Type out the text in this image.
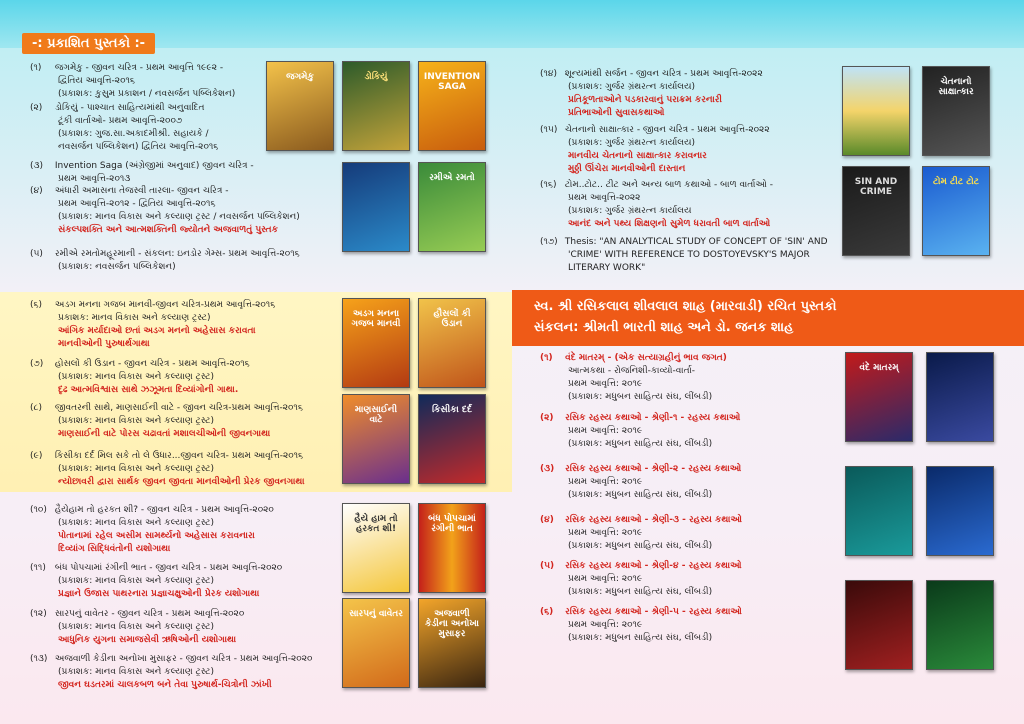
-: પ્રકાશિત પુસ્તકો :-
સ્વ. શ્રી રસિકલાલ શીવલાલ શાહ (મારવાડી) રચિત પુસ્તકો
સંકલન: શ્રીમતી ભારતી શાહ અને ડો. જનક શાહ
(૧) જગમેકુ - જીવન ચરિત્ર - પ્રથમ આવૃત્તિ ૧૯૯૨ -
દ્વિતિય આવૃત્તિ-૨૦૧૬
(પ્રકાશક: કુસુમ પ્રકાશન / નવસર્જન પબ્લિકેશન)
(૨) ડોકિયું - પાશ્ચાત સાહિત્યમાંથી અનુવાદિત
ટૂંકી વાર્તાઓ- પ્રથમ આવૃત્તિ-૨૦૦૭
(પ્રકાશક: ગુજ.સા.અકાદમીશ્રી. સહાયકે /
નવસર્જન પબ્લિકેશન) દ્વિતિય આવૃત્તિ-૨૦૧૬
(૩) Invention Saga (અંગ્રેજીમાં અનુવાદ) જીવન ચરિત્ર -
પ્રથમ આવૃત્તિ-૨૦૧૩
(૪) અંધારી અમાસના તેજસ્વી તારલા- જીવન ચરિત્ર -
પ્રથમ આવૃત્તિ-૨૦૧૨ - દ્વિતિય આવૃત્તિ-૨૦૧૬
(પ્રકાશક: માનવ વિકાસ અને કલ્યાણ ટ્રસ્ટ / નવસર્જન પબ્લિકેશન)
સંકલ્પશક્તિ અને આત્મશક્તિની જ્યોતને અજવાળતું પુસ્તક
(૫) રમીએ રમતોમહૂરમાની - સંકલન: ઇનડોર ગેમ્સ- પ્રથમ આવૃત્તિ-૨૦૧૬
(પ્રકાશક: નવસર્જન પબ્લિકેશન)
(૬) અડગ મનના ગજબ માનવી-જીવન ચરિત્ર-પ્રથમ આવૃત્તિ-૨૦૧૬
પ્રકાશક: માનવ વિકાસ અને કલ્યાણ ટ્રસ્ટ)
આંગિક મર્યાદાઓ છતાં અડગ મનનો અહેસાસ કરાવતા
માનવીઓની પુરુષાર્થગાથા
(૭) હોસલોં કી ઉડાન - જીવન ચરિત્ર - પ્રથમ આવૃત્તિ-૨૦૧૬
(પ્રકાશક: માનવ વિકાસ અને કલ્યાણ ટ્રસ્ટ)
દૃઢ આત્મવિશ્વાસ સાથે ઝઝૂમતા દિવ્યાંગોની ગાથા.
(૮) જીવતરની સાથે, માણસાઈની વાટે - જીવન ચરિત્ર-પ્રથમ આવૃત્તિ-૨૦૧૬
(પ્રકાશક: માનવ વિકાસ અને કલ્યાણ ટ્રસ્ટ)
માણસાઈની વાટે પોરસ ચઢાવતાં મશાલચીઓની જીવનગાથા
(૯) કિસીકા દર્દ મિલ સકે તો લે ઉધાર...જીવન ચરિત્ર- પ્રથમ આવૃત્તિ-૨૦૧૬
(પ્રકાશક: માનવ વિકાસ અને કલ્યાણ ટ્રસ્ટ)
ન્યોછાવરી દ્વારા સાર્થક જીવન જીવતા માનવીઓની પ્રેરક જીવનગાથા
(૧૦) હૈયેહામ તો હરકત શી? - જીવન ચરિત્ર - પ્રથમ આવૃત્તિ-૨૦૨૦
(પ્રકાશક: માનવ વિકાસ અને કલ્યાણ ટ્રસ્ટ)
પોતાનામાં રહેલ અસીમ સામર્થ્યનો અહેસાસ કરાવનારા
દિવ્યાંગ સિદ્ધિવંતોની યશોગાથા
(૧૧) બંધ પોપચામાં રંગીની ભાત - જીવન ચરિત્ર - પ્રથમ આવૃત્તિ-૨૦૨૦
(પ્રકાશક: માનવ વિકાસ અને કલ્યાણ ટ્રસ્ટ)
પ્રજ્ઞાને ઉજાસ પાથરનારા પ્રજ્ઞાચક્ષુઓની પ્રેરક યશોગાથા
(૧૨) સારપનું વાવેતર - જીવન ચરિત્ર - પ્રથમ આવૃત્તિ-૨૦૨૦
(પ્રકાશક: માનવ વિકાસ અને કલ્યાણ ટ્રસ્ટ)
આધુનિક યુગના સમાજસેવી ઋષિઓની યશોગાથા
(૧૩) અજવાળી કેડીના અનોખા મુસાફર - જીવન ચરિત્ર - પ્રથમ આવૃત્તિ-૨૦૨૦
(પ્રકાશક: માનવ વિકાસ અને કલ્યાણ ટ્રસ્ટ)
જીવન ઘડતરમાં ચાલકબળ બને તેવા પુરુષાર્થ-ચિત્રોની ઝાંખી
(૧૪) શૂન્યમાંથી સર્જન - જીવન ચરિત્ર - પ્રથમ આવૃત્તિ-૨૦૨૨
(પ્રકાશક: ગુર્જર ગ્રંથરત્ન કાર્યાલય)
પ્રતિકૂળતાઓને પડકારવાનું પરાક્રમ કરનારી
પ્રતિભાઓની સુવાસકથાઓ
(૧૫) ચેતનાનો સાક્ષાત્કાર - જીવન ચરિત્ર - પ્રથમ આવૃત્તિ-૨૦૨૨
(પ્રકાશક: ગુર્જર ગ્રંથરત્ન કાર્યાલય)
માનવીય ચેતનાનો સાક્ષાત્કાર કરાવનાર
મુઠ્ઠી ઊંચેરા માનવીઓની દાસ્તાન
(૧૬) ટોમ..ટોટ.. ટીટ અને અન્ય બાળ કથાઓ - બાળ વાર્તાઓ -
પ્રથમ આવૃત્તિ-૨૦૨૨
(પ્રકાશક: ગુર્જર ગ્રંથરત્ન કાર્યાલય
આનંદ અને પથ્ય શિક્ષણનો સુમેળ ધરાવતી બાળ વાર્તાઓ
(૧૭) Thesis: "AN ANALYTICAL STUDY OF CONCEPT OF 'SIN' AND
'CRIME' WITH REFERENCE TO DOSTOYEVSKY'S MAJOR
LITERARY WORK"
(૧) વંદે માતરમ્ - (એક સત્યાગ્રહીનું ભાવ જગત)
આત્મકથા - રોજનિશી-કાવ્યો-વાર્તા-
પ્રથમ આવૃત્તિ: ૨૦૧૯
(પ્રકાશક: મધુબન સાહિત્ય સંઘ, લીંબડી)
(૨) રસિક રહસ્ય કથાઓ - શ્રેણી-૧ - રહસ્ય કથાઓ
પ્રથમ આવૃત્તિ: ૨૦૧૯
(પ્રકાશક: મધુબન સાહિત્ય સંઘ, લીંબડી)
(૩) રસિક રહસ્ય કથાઓ - શ્રેણી-૨ - રહસ્ય કથાઓ
પ્રથમ આવૃત્તિ: ૨૦૧૯
(પ્રકાશક: મધુબન સાહિત્ય સંઘ, લીંબડી)
(૪) રસિક રહસ્ય કથાઓ - શ્રેણી-૩ - રહસ્ય કથાઓ
પ્રથમ આવૃત્તિ: ૨૦૧૯
(પ્રકાશક: મધુબન સાહિત્ય સંઘ, લીંબડી)
(૫) રસિક રહસ્ય કથાઓ - શ્રેણી-૪ - રહસ્ય કથાઓ
પ્રથમ આવૃત્તિ: ૨૦૧૯
(પ્રકાશક: મધુબન સાહિત્ય સંઘ, લીંબડી)
(૬) રસિક રહસ્ય કથાઓ - શ્રેણી-૫ - રહસ્ય કથાઓ
પ્રથમ આવૃત્તિ: ૨૦૧૯
(પ્રકાશક: મધુબન સાહિત્ય સંઘ, લીંબડી)
જગમેકુ	ડોકિયું	INVENTION SAGA
રમીએ રમતો
અડગ મનના ગજબ માનવી
હૌસલોં કી ઉડાન
માણસાઈની વાટે
કિસીકા દર્દ
હૈયે હામ તો હરકત શી!
બંધ પોપચામાં રંગીની ભાત
સારપનું વાવેતર	અજવાળી કેડીના અનોખા મુસાફર
ચેતનાનો સાક્ષાત્કાર
SIN AND CRIME
ટોમ ટીટ ટોટ
વંદે માતરમ્
